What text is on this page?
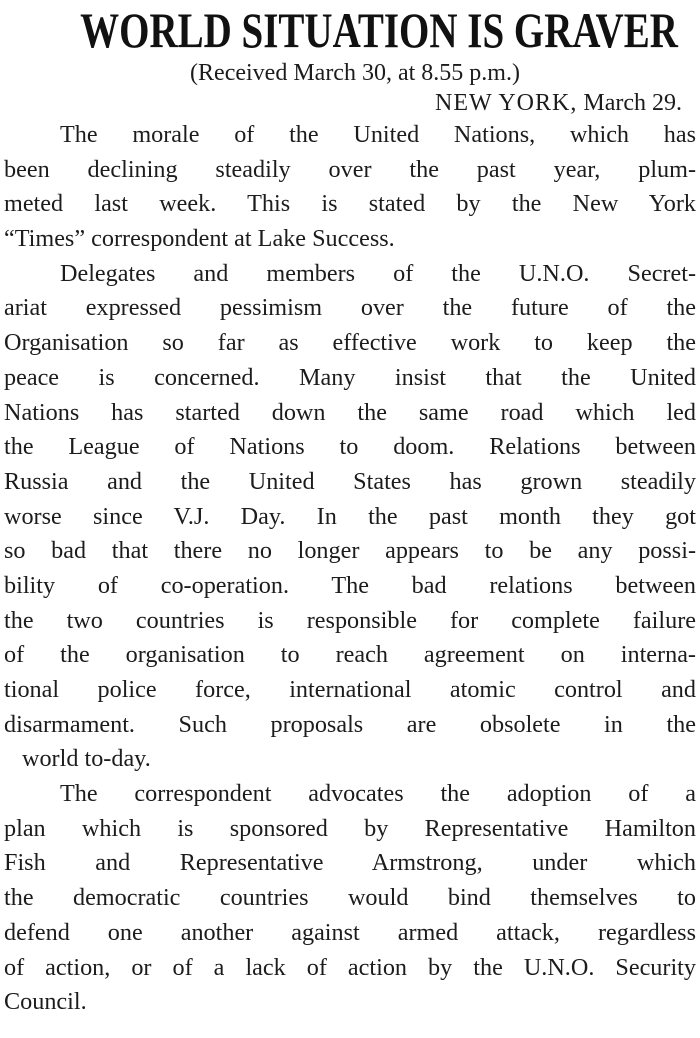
WORLD SITUATION IS GRAVER
(Received March 30, at 8.55 p.m.)
NEW YORK, March 29.
The morale of the United Nations, which has
been declining steadily over the past year, plum-
meted last week. This is stated by the New York
“Times” correspondent at Lake Success.
Delegates and members of the U.N.O. Secret-
ariat expressed pessimism over the future of the
Organisation so far as effective work to keep the
peace is concerned. Many insist that the United
Nations has started down the same road which led
the League of Nations to doom. Relations between
Russia and the United States has grown steadily
worse since V.J. Day. In the past month they got
so bad that there no longer appears to be any possi-
bility of co-operation. The bad relations between
the two countries is responsible for complete failure
of the organisation to reach agreement on interna-
tional police force, international atomic control and
disarmament. Such proposals are obsolete in the
world to-day.
The correspondent advocates the adoption of a
plan which is sponsored by Representative Hamilton
Fish and Representative Armstrong, under which
the democratic countries would bind themselves to
defend one another against armed attack, regardless
of action, or of a lack of action by the U.N.O. Security
Council.
